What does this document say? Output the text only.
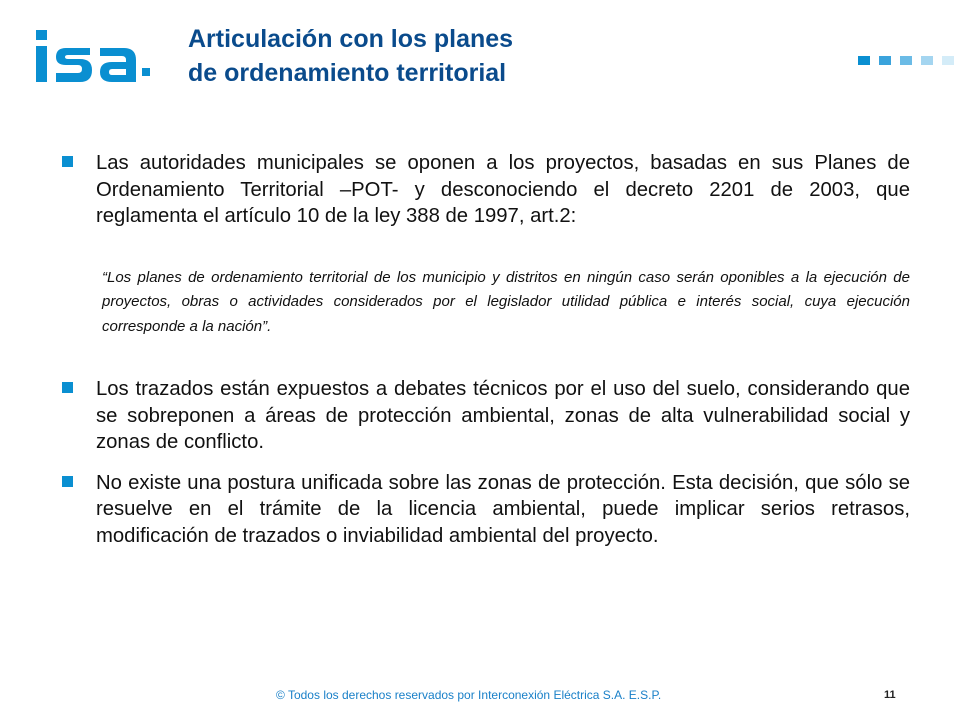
Articulación con los planes
de ordenamiento territorial
Las autoridades municipales se oponen a los proyectos, basadas en sus Planes de Ordenamiento Territorial –POT- y desconociendo el decreto 2201 de 2003, que reglamenta el artículo 10 de la ley 388 de 1997, art.2:
“Los planes de ordenamiento territorial de los municipio y distritos en ningún caso serán oponibles a la ejecución de proyectos, obras o actividades considerados por el legislador utilidad pública e interés social, cuya ejecución corresponde a la nación”.
Los trazados están expuestos a debates técnicos por el uso del suelo, considerando que se sobreponen a áreas de protección ambiental, zonas de alta vulnerabilidad social y zonas de conflicto.
No existe una postura unificada sobre las zonas de protección. Esta decisión, que sólo se resuelve en el trámite de la licencia ambiental, puede implicar serios retrasos, modificación de trazados o inviabilidad ambiental del proyecto.
© Todos los derechos reservados por Interconexión Eléctrica S.A. E.S.P.	11
